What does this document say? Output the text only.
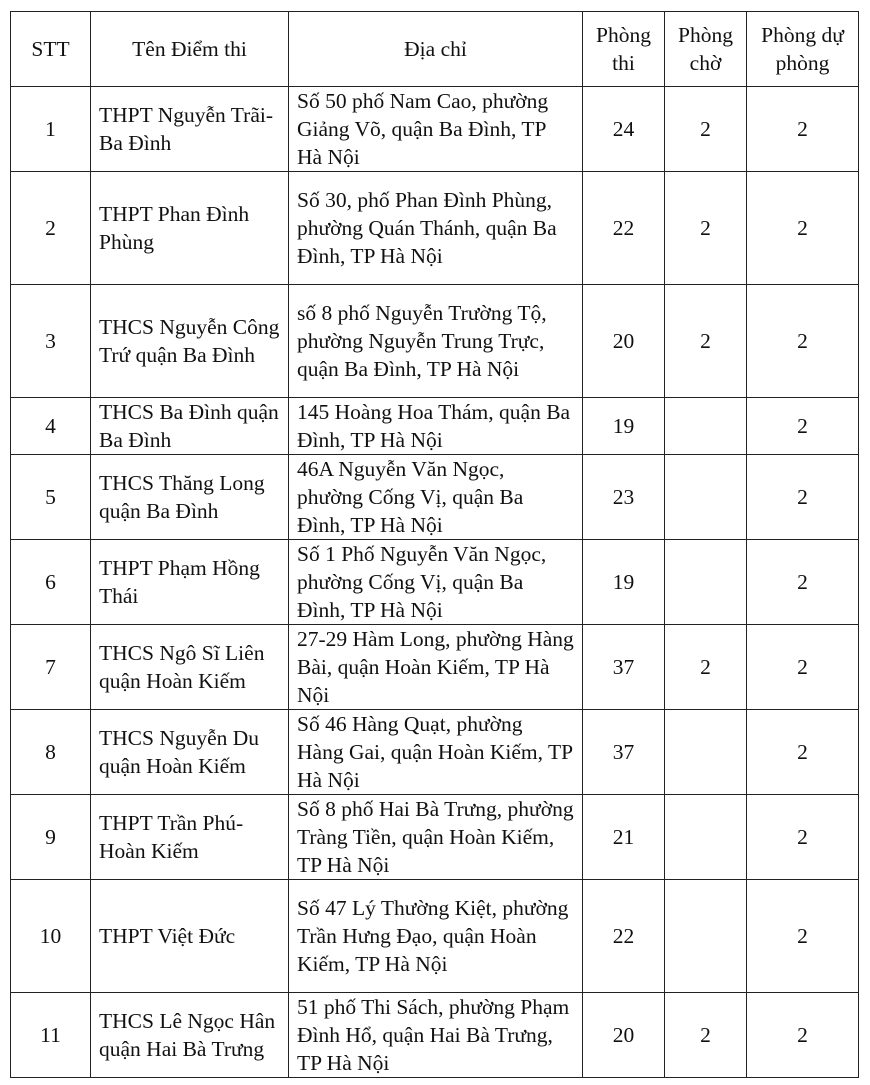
STT	Tên Điểm thi	Địa chỉ	Phòng thi	Phòng chờ	Phòng dự phòng
1	THPT Nguyễn Trãi-Ba Đình	Số 50 phố Nam Cao, phường Giảng Võ, quận Ba Đình, TP Hà Nội	24	2	2
2	THPT Phan Đình Phùng	Số 30, phố Phan Đình Phùng, phường Quán Thánh, quận Ba Đình, TP Hà Nội	22	2	2
3	THCS Nguyễn Công Trứ quận Ba Đình	số 8 phố Nguyễn Trường Tộ, phường Nguyễn Trung Trực, quận Ba Đình, TP Hà Nội	20	2	2
4	THCS Ba Đình quận Ba Đình	145 Hoàng Hoa Thám, quận Ba Đình, TP Hà Nội	19		2
5	THCS Thăng Long quận Ba Đình	46A Nguyễn Văn Ngọc, phường Cống Vị, quận Ba Đình, TP Hà Nội	23		2
6	THPT Phạm Hồng Thái	Số 1 Phố Nguyễn Văn Ngọc, phường Cống Vị, quận Ba Đình, TP Hà Nội	19		2
7	THCS Ngô Sĩ Liên quận Hoàn Kiếm	27-29 Hàm Long, phường Hàng Bài, quận Hoàn Kiếm, TP Hà Nội	37	2	2
8	THCS Nguyễn Du quận Hoàn Kiếm	Số 46 Hàng Quạt, phường Hàng Gai, quận Hoàn Kiếm, TP Hà Nội	37		2
9	THPT Trần Phú-Hoàn Kiếm	Số 8 phố Hai Bà Trưng, phường Tràng Tiền, quận Hoàn Kiếm, TP Hà Nội	21		2
10	THPT Việt Đức	Số 47 Lý Thường Kiệt, phường Trần Hưng Đạo, quận Hoàn Kiếm, TP Hà Nội	22		2
11	THCS Lê Ngọc Hân quận Hai Bà Trưng	51 phố Thi Sách, phường Phạm Đình Hổ, quận Hai Bà Trưng, TP Hà Nội	20	2	2
